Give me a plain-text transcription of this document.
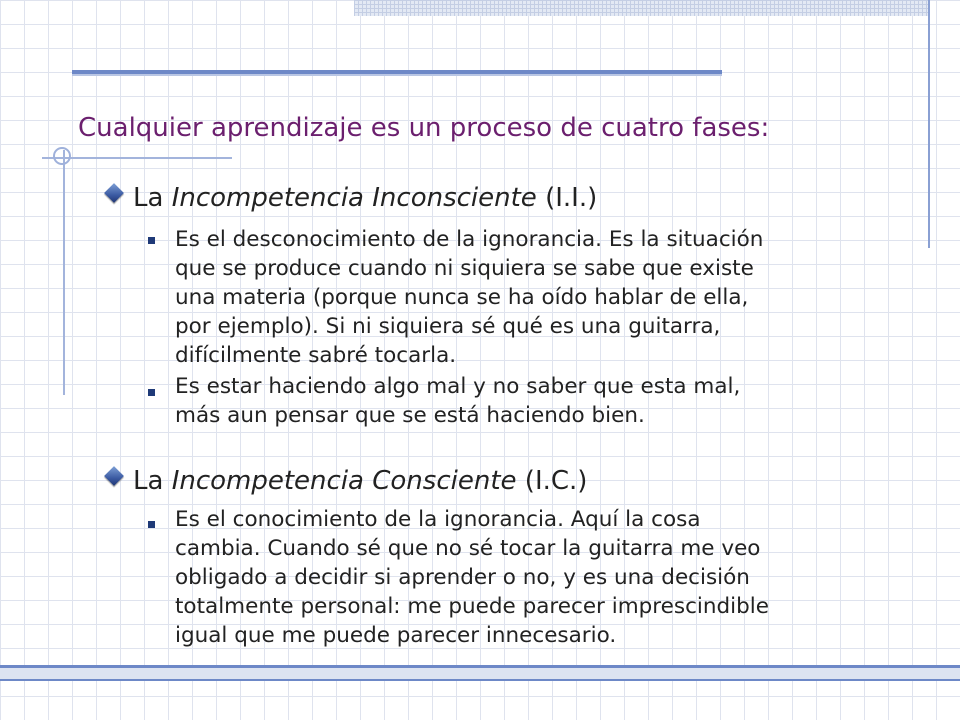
Cualquier aprendizaje es un proceso de cuatro fases:

La Incompetencia Inconsciente (I.I.)

Es el desconocimiento de la ignorancia. Es la situación
que se produce cuando ni siquiera se sabe que existe
una materia (porque nunca se ha oído hablar de ella,
por ejemplo). Si ni siquiera sé qué es una guitarra,
difícilmente sabré tocarla.

Es estar haciendo algo mal y no saber que esta mal,
más aun pensar que se está haciendo bien.

La Incompetencia Consciente (I.C.)

Es el conocimiento de la ignorancia. Aquí la cosa
cambia. Cuando sé que no sé tocar la guitarra me veo
obligado a decidir si aprender o no, y es una decisión
totalmente personal: me puede parecer imprescindible
igual que me puede parecer innecesario.
